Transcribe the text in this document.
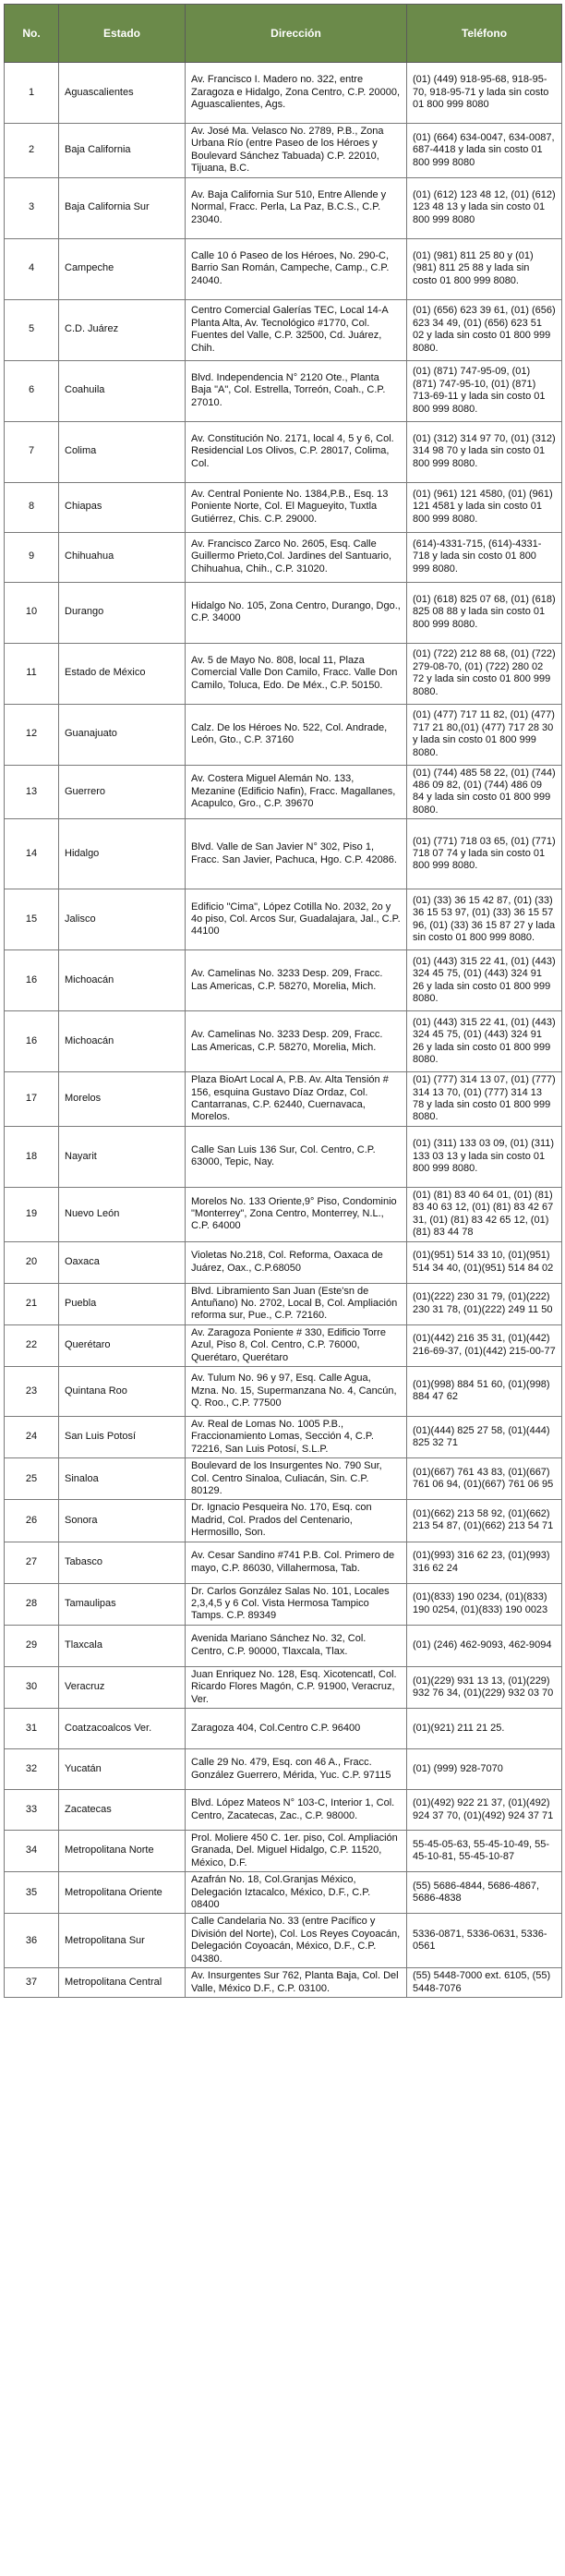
No.	Estado	Dirección	Teléfono
1	Aguascalientes	Av. Francisco I. Madero no. 322, entre Zaragoza e Hidalgo, Zona Centro, C.P. 20000, Aguascalientes, Ags.	(01) (449) 918-95-68, 918-95-70, 918-95-71 y lada sin costo 01 800 999 8080
2	Baja California	Av. José Ma. Velasco No. 2789, P.B., Zona Urbana Río (entre Paseo de los Héroes y Boulevard Sánchez Tabuada) C.P. 22010, Tijuana, B.C.	(01) (664) 634-0047, 634-0087, 687-4418 y lada sin costo 01 800 999 8080
3	Baja California Sur	Av. Baja California Sur 510, Entre Allende y Normal, Fracc. Perla, La Paz, B.C.S., C.P. 23040.	(01) (612) 123 48 12, (01) (612) 123 48 13 y lada sin costo 01 800 999 8080
4	Campeche	Calle 10 ó Paseo de los Héroes, No. 290-C, Barrio San Román, Campeche, Camp., C.P. 24040.	(01) (981) 811 25 80 y (01) (981) 811 25 88 y lada sin costo 01 800 999 8080.
5	C.D. Juárez	Centro Comercial Galerías TEC, Local 14-A Planta Alta, Av. Tecnológico #1770, Col. Fuentes del Valle, C.P. 32500, Cd. Juárez, Chih.	(01) (656) 623 39 61, (01) (656) 623 34 49, (01) (656) 623 51 02 y lada sin costo 01 800 999 8080.
6	Coahuila	Blvd. Independencia N° 2120 Ote., Planta Baja "A", Col. Estrella, Torreón, Coah., C.P. 27010.	(01) (871) 747-95-09, (01) (871) 747-95-10, (01) (871) 713-69-11 y lada sin costo 01 800 999 8080.
7	Colima	Av. Constitución No. 2171, local 4, 5 y 6, Col. Residencial Los Olivos, C.P. 28017, Colima, Col.	(01) (312) 314 97 70, (01) (312) 314 98 70 y lada sin costo 01 800 999 8080.
8	Chiapas	Av. Central Poniente No. 1384,P.B., Esq. 13 Poniente Norte, Col. El Magueyito, Tuxtla Gutiérrez, Chis. C.P. 29000.	(01) (961) 121 4580, (01) (961) 121 4581 y lada sin costo 01 800 999 8080.
9	Chihuahua	Av. Francisco Zarco No. 2605, Esq. Calle Guillermo Prieto,Col. Jardines del Santuario, Chihuahua, Chih., C.P. 31020.	(614)-4331-715, (614)-4331-718 y lada sin costo 01 800 999 8080.
10	Durango	Hidalgo No. 105, Zona Centro, Durango, Dgo., C.P. 34000	(01) (618) 825 07 68, (01) (618) 825 08 88 y lada sin costo 01 800 999 8080.
11	Estado de México	Av. 5 de Mayo No. 808, local 11, Plaza Comercial Valle Don Camilo, Fracc. Valle Don Camilo, Toluca, Edo. De Méx., C.P. 50150.	(01) (722) 212 88 68, (01) (722) 279-08-70, (01) (722) 280 02 72 y lada sin costo 01 800 999 8080.
12	Guanajuato	Calz. De los Héroes No. 522, Col. Andrade, León, Gto., C.P. 37160	(01) (477) 717 11 82, (01) (477) 717 21 80,(01) (477) 717 28 30 y lada sin costo 01 800 999 8080.
13	Guerrero	Av. Costera Miguel Alemán No. 133, Mezanine (Edificio Nafin), Fracc. Magallanes, Acapulco, Gro., C.P. 39670	(01) (744) 485 58 22, (01) (744) 486 09 82, (01) (744) 486 09 84 y lada sin costo 01 800 999 8080.
14	Hidalgo	Blvd. Valle de San Javier N° 302, Piso 1, Fracc. San Javier, Pachuca, Hgo. C.P. 42086.	(01) (771) 718 03 65, (01) (771) 718 07 74 y lada sin costo 01 800 999 8080.
15	Jalisco	Edificio "Cima", López Cotilla No. 2032, 2o y 4o piso, Col. Arcos Sur, Guadalajara, Jal., C.P. 44100	(01) (33) 36 15 42 87, (01) (33) 36 15 53 97, (01) (33) 36 15 57 96, (01) (33) 36 15 87 27 y lada sin costo 01 800 999 8080.
16	Michoacán	Av. Camelinas No. 3233 Desp. 209, Fracc. Las Americas, C.P. 58270, Morelia, Mich.	(01) (443) 315 22 41, (01) (443) 324 45 75, (01) (443) 324 91 26 y lada sin costo 01 800 999 8080.
16	Michoacán	Av. Camelinas No. 3233 Desp. 209, Fracc. Las Americas, C.P. 58270, Morelia, Mich.	(01) (443) 315 22 41, (01) (443) 324 45 75, (01) (443) 324 91 26 y lada sin costo 01 800 999 8080.
17	Morelos	Plaza BioArt Local A, P.B. Av. Alta Tensión # 156, esquina Gustavo Díaz Ordaz, Col. Cantarranas, C.P. 62440, Cuernavaca, Morelos.	(01) (777) 314 13 07, (01) (777) 314 13 70, (01) (777) 314 13 78 y lada sin costo 01 800 999 8080.
18	Nayarit	Calle San Luis 136 Sur, Col. Centro, C.P. 63000, Tepic, Nay.	(01) (311) 133 03 09, (01) (311) 133 03 13 y lada sin costo 01 800 999 8080.
19	Nuevo León	Morelos No. 133 Oriente,9° Piso, Condominio "Monterrey", Zona Centro, Monterrey, N.L., C.P. 64000	(01) (81) 83 40 64 01, (01) (81) 83 40 63 12, (01) (81) 83 42 67 31, (01) (81) 83 42 65 12, (01) (81) 83 44 78
20	Oaxaca	Violetas No.218, Col. Reforma, Oaxaca de Juárez, Oax., C.P.68050	(01)(951) 514 33 10, (01)(951) 514 34 40, (01)(951) 514 84 02
21	Puebla	Blvd. Libramiento San Juan (Este'sn de Antuñano) No. 2702, Local B, Col. Ampliación reforma sur, Pue., C.P. 72160.	(01)(222) 230 31 79, (01)(222) 230 31 78, (01)(222) 249 11 50
22	Querétaro	Av. Zaragoza Poniente # 330, Edificio Torre Azul, Piso 8, Col. Centro, C.P. 76000, Querétaro, Querétaro	(01)(442) 216 35 31, (01)(442) 216-69-37, (01)(442) 215-00-77
23	Quintana Roo	Av. Tulum No. 96 y 97, Esq. Calle Agua, Mzna. No. 15, Supermanzana No. 4, Cancún, Q. Roo., C.P. 77500	(01)(998) 884 51 60, (01)(998) 884 47 62
24	San Luis Potosí	Av. Real de Lomas No. 1005 P.B., Fraccionamiento Lomas, Sección 4, C.P. 72216, San Luis Potosí, S.L.P.	(01)(444) 825 27 58, (01)(444) 825 32 71
25	Sinaloa	Boulevard de los Insurgentes No. 790 Sur, Col. Centro Sinaloa, Culiacán, Sin. C.P. 80129.	(01)(667) 761 43 83, (01)(667) 761 06 94, (01)(667) 761 06 95
26	Sonora	Dr. Ignacio Pesqueira No. 170, Esq. con Madrid, Col. Prados del Centenario, Hermosillo, Son.	(01)(662) 213 58 92, (01)(662) 213 54 87, (01)(662) 213 54 71
27	Tabasco	Av. Cesar Sandino #741 P.B. Col. Primero de mayo, C.P. 86030, Villahermosa, Tab.	(01)(993) 316 62 23, (01)(993) 316 62 24
28	Tamaulipas	Dr. Carlos González Salas No. 101, Locales 2,3,4,5 y 6 Col. Vista Hermosa Tampico Tamps. C.P. 89349	(01)(833) 190 0234, (01)(833) 190 0254, (01)(833) 190 0023
29	Tlaxcala	Avenida Mariano Sánchez No. 32, Col. Centro, C.P. 90000, Tlaxcala, Tlax.	(01) (246) 462-9093, 462-9094
30	Veracruz	Juan Enriquez No. 128, Esq. Xicotencatl, Col. Ricardo Flores Magón, C.P. 91900, Veracruz, Ver.	(01)(229) 931 13 13, (01)(229) 932 76 34, (01)(229) 932 03 70
31	Coatzacoalcos Ver.	Zaragoza 404, Col.Centro C.P. 96400	(01)(921) 211 21 25.
32	Yucatán	Calle 29 No. 479, Esq. con 46 A., Fracc. González Guerrero, Mérida, Yuc. C.P. 97115	(01) (999) 928-7070
33	Zacatecas	Blvd. López Mateos N° 103-C, Interior 1, Col. Centro, Zacatecas, Zac., C.P. 98000.	(01)(492) 922 21 37, (01)(492) 924 37 70, (01)(492) 924 37 71
34	Metropolitana Norte	Prol. Moliere 450 C. 1er. piso, Col. Ampliación Granada, Del. Miguel Hidalgo, C.P. 11520, México, D.F.	55-45-05-63, 55-45-10-49, 55-45-10-81, 55-45-10-87
35	Metropolitana Oriente	Azafrán No. 18, Col.Granjas México, Delegación Iztacalco, México, D.F., C.P. 08400	(55) 5686-4844, 5686-4867, 5686-4838
36	Metropolitana Sur	Calle Candelaria No. 33 (entre Pacífico y División del Norte), Col. Los Reyes Coyoacán, Delegación Coyoacán, México, D.F., C.P. 04380.	5336-0871, 5336-0631, 5336-0561
37	Metropolitana Central	Av. Insurgentes Sur 762, Planta Baja, Col. Del Valle, México D.F., C.P. 03100.	(55) 5448-7000 ext. 6105, (55) 5448-7076
